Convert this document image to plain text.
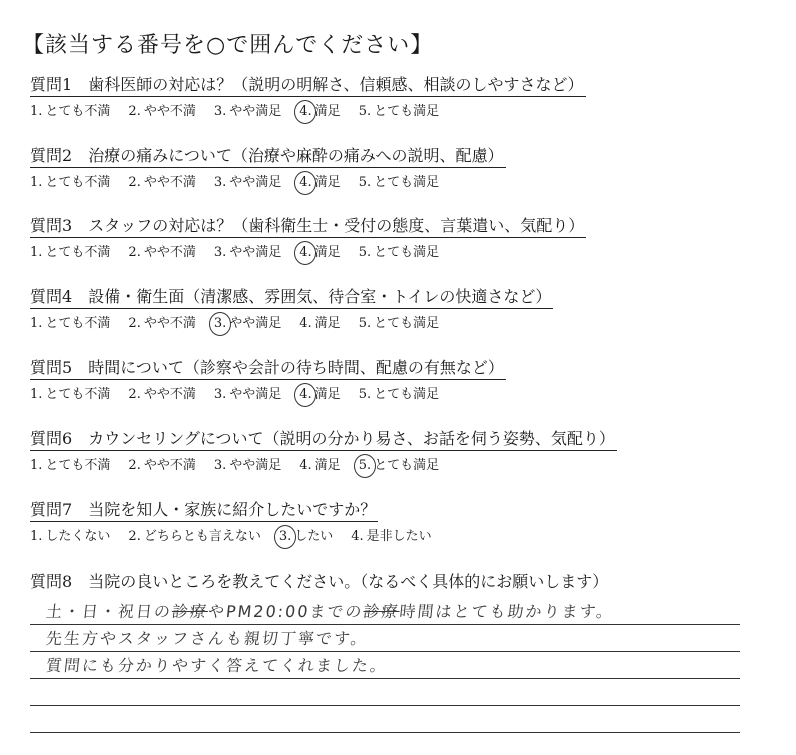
【該当する番号を○で囲んでください】
質問1 歯科医師の対応は？（説明の明解さ、信頼感、相談のしやすさなど）
1. とても不満 2. やや不満 3. やや満足 4. 満足 5. とても満足
質問2 治療の痛みについて（治療や麻酔の痛みへの説明、配慮）
1. とても不満 2. やや不満 3. やや満足 4. 満足 5. とても満足
質問3 スタッフの対応は？（歯科衛生士・受付の態度、言葉遣い、気配り）
1. とても不満 2. やや不満 3. やや満足 4. 満足 5. とても満足
質問4 設備・衛生面（清潔感、雰囲気、待合室・トイレの快適さなど）
1. とても不満 2. やや不満 3. やや満足 4. 満足 5. とても満足
質問5 時間について（診察や会計の待ち時間、配慮の有無など）
1. とても不満 2. やや不満 3. やや満足 4. 満足 5. とても満足
質問6 カウンセリングについて（説明の分かり易さ、お話を伺う姿勢、気配り）
1. とても不満 2. やや不満 3. やや満足 4. 満足 5. とても満足
質問7 当院を知人・家族に紹介したいですか？
1. したくない 2. どちらとも言えない 3. したい 4. 是非したい
質問8 当院の良いところを教えてください。（なるべく具体的にお願いします）
土・日・祝日の診療やPM20:00までの診療時間はとても助かります。
先生方やスタッフさんも親切丁寧です。
質問にも分かりやすく答えてくれました。
